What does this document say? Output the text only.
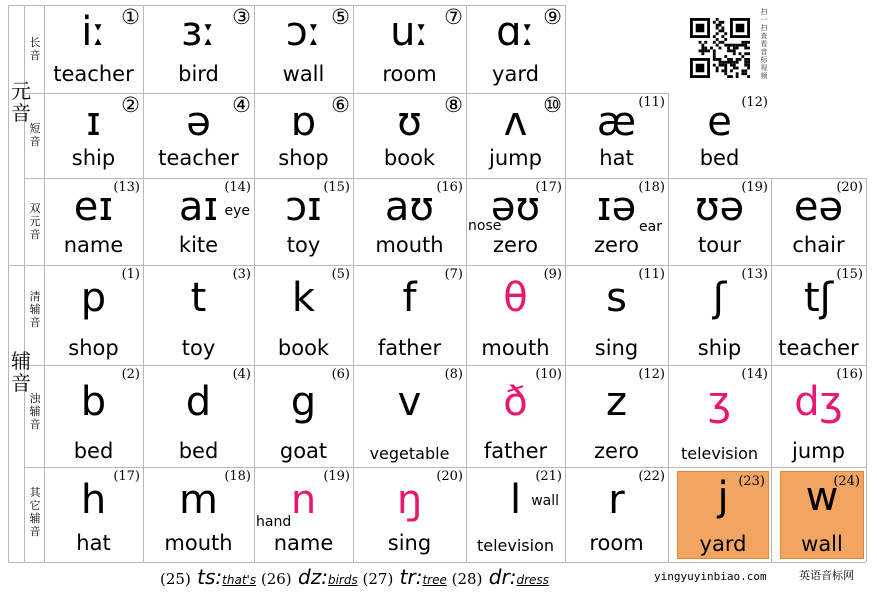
元音
辅音
长音
短音
双元音
清辅音
浊辅音
其它辅音
①
iː
teacher
③
ɜː
bird
⑤
ɔː
wall
⑦
uː
room
⑨
ɑː
yard
②
ɪ
ship
④
ə
teacher
⑥
ɒ
shop
⑧
ʊ
book
⑩
ʌ
jump
(11)
æ
hat
(12)
e
bed
(13)
eɪ
name
(14)
aɪ
kite
eye
(15)
ɔɪ
toy
(16)
aʊ
mouth
(17)
əʊ
zero
nose
(18)
ɪə
zero
ear
(19)
ʊə
tour
(20)
eə
chair
(1)
p
shop
(3)
t
toy
(5)
k
book
(7)
f
father
(9)
θ
mouth
(11)
s
sing
(13)
ʃ
ship
(15)
tʃ
teacher
(2)
b
bed
(4)
d
bed
(6)
g
goat
(8)
v
vegetable
(10)
ð
father
(12)
z
zero
(14)
ʒ
television
(16)
dʒ
jump
(17)
h
hat
(18)
m
mouth
(19)
n
name
hand
(20)
ŋ
sing
(21)
l
television
wall
(22)
r
room
(23)
j
yard
(24)
w
wall
扫一扫查看音标视频
(25) ts:that's (26) dz:birds (27) tr:tree (28) dr:dress	yingyuyinbiao.com	英语音标网
